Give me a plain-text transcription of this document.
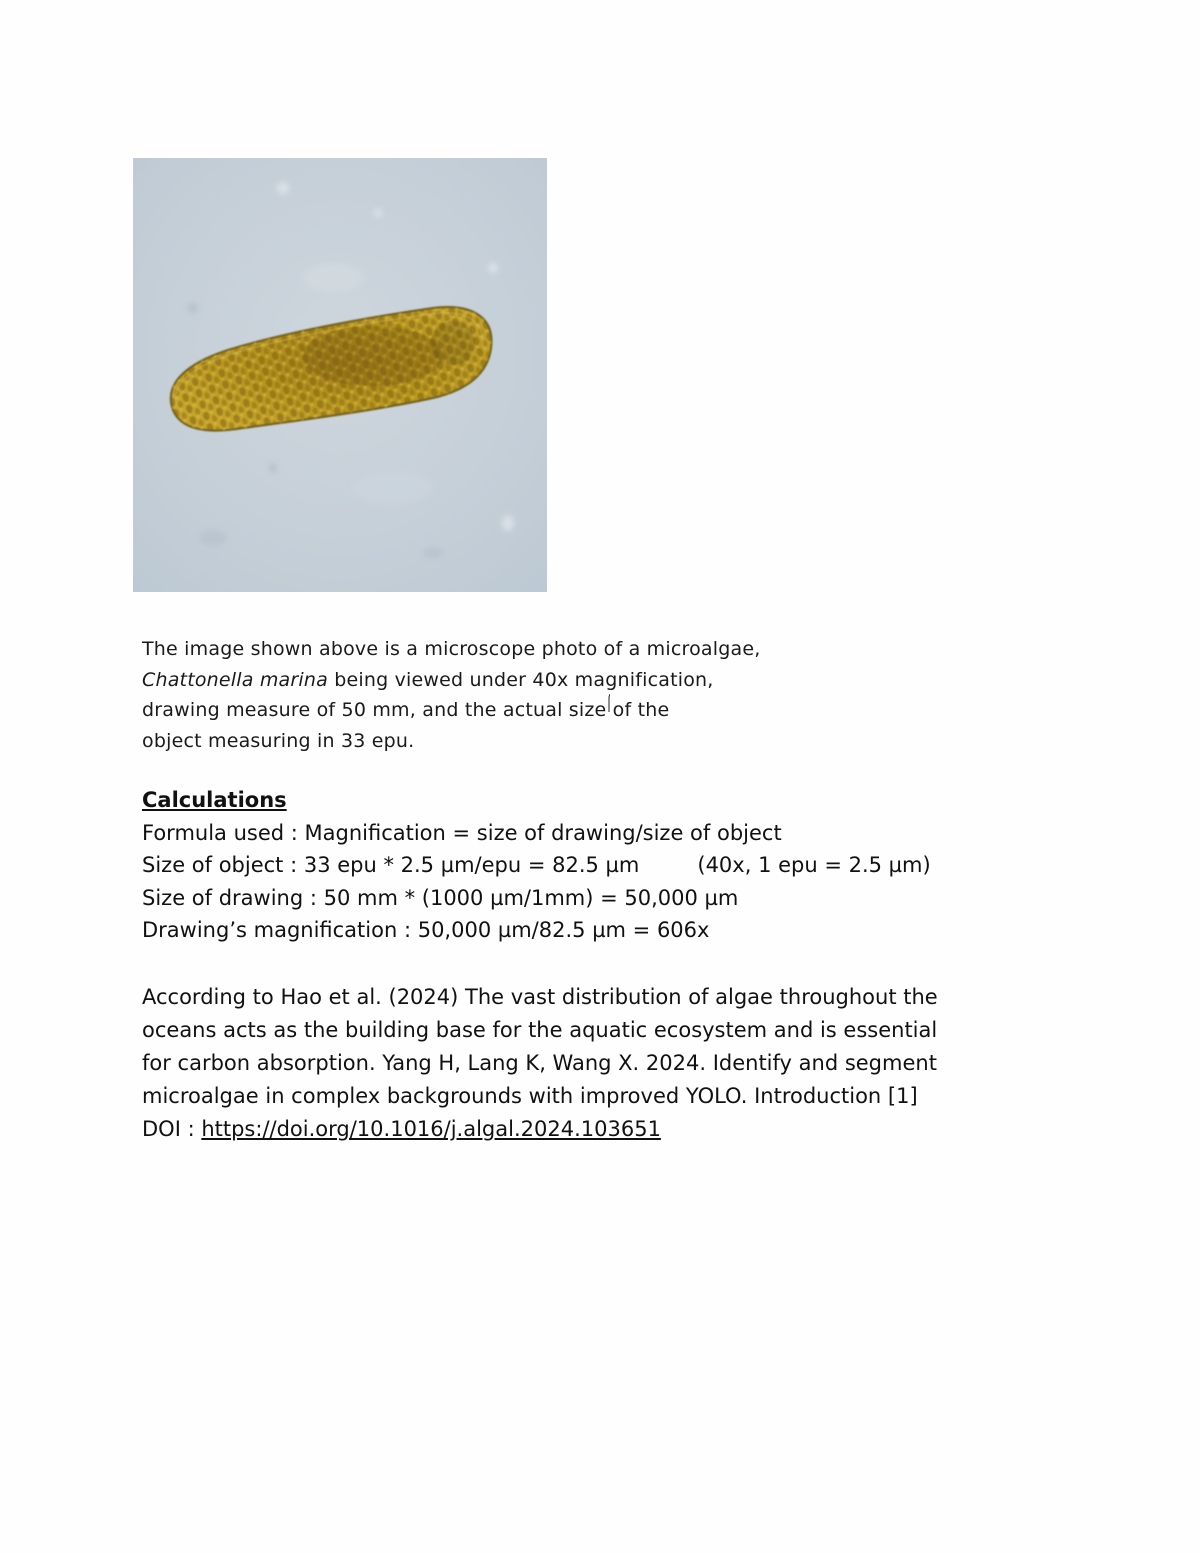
The image shown above is a microscope photo of a microalgae,
Chattonella marina being viewed under 40x magnification,
drawing measure of 50 mm, and the actual size of the
object measuring in 33 epu.
Calculations
Formula used : Magnification = size of drawing/size of object
Size of object : 33 epu * 2.5 µm/epu = 82.5 µm	(40x, 1 epu = 2.5 µm)
Size of drawing : 50 mm * (1000 µm/1mm) = 50,000 µm
Drawing’s magnification : 50,000 µm/82.5 µm = 606x
According to Hao et al. (2024) The vast distribution of algae throughout the
oceans acts as the building base for the aquatic ecosystem and is essential
for carbon absorption. Yang H, Lang K, Wang X. 2024. Identify and segment
microalgae in complex backgrounds with improved YOLO. Introduction [1]
DOI : https://doi.org/10.1016/j.algal.2024.103651
